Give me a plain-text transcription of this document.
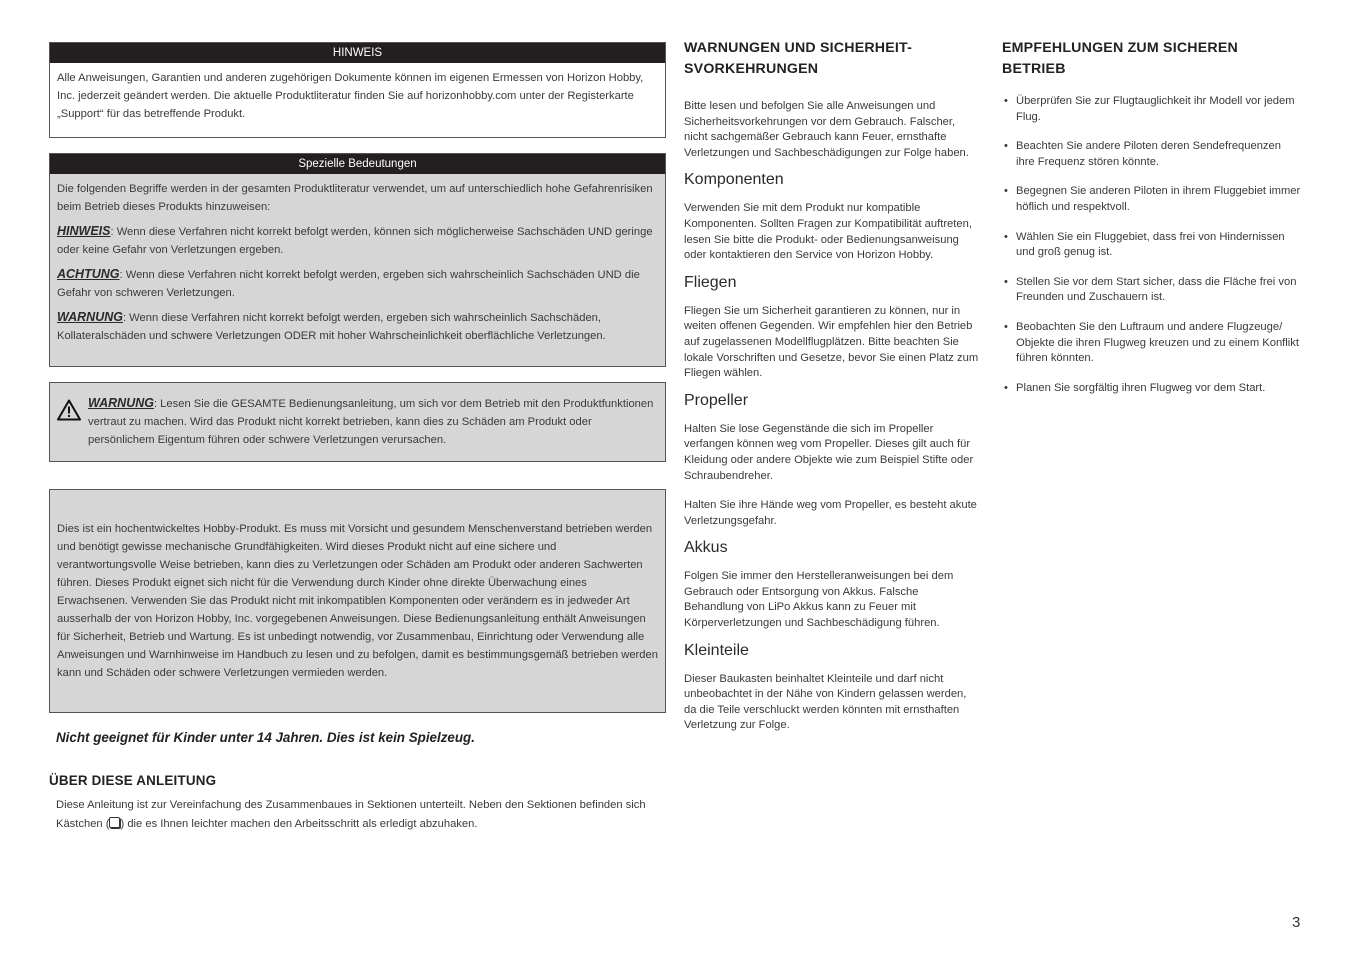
HINWEIS

Alle Anweisungen, Garantien und anderen zugehörigen Dokumente können im eigenen Ermessen von Horizon Hobby, Inc. jederzeit geändert werden. Die aktuelle Produktliteratur finden Sie auf horizonhobby.com unter der Registerkarte „Support“ für das betreffende Produkt.

Spezielle Bedeutungen

Die folgenden Begriffe werden in der gesamten Produktliteratur verwendet, um auf unterschiedlich hohe Gefahrenrisiken beim Betrieb dieses Produkts hinzuweisen:

HINWEIS: Wenn diese Verfahren nicht korrekt befolgt werden, können sich möglicherweise Sachschäden UND geringe oder keine Gefahr von Verletzungen ergeben.

ACHTUNG: Wenn diese Verfahren nicht korrekt befolgt werden, ergeben sich wahrscheinlich Sachschäden UND die Gefahr von schweren Verletzungen.

WARNUNG: Wenn diese Verfahren nicht korrekt befolgt werden, ergeben sich wahrscheinlich Sachschäden, Kollateralschäden und schwere Verletzungen ODER mit hoher Wahrscheinlichkeit oberflächliche Verletzungen.

WARNUNG: Lesen Sie die GESAMTE Bedienungsanleitung, um sich vor dem Betrieb mit den Produktfunktionen vertraut zu machen. Wird das Produkt nicht korrekt betrieben, kann dies zu Schäden am Produkt oder persönlichem Eigentum führen oder schwere Verletzungen verursachen.
Dies ist ein hochentwickeltes Hobby-Produkt. Es muss mit Vorsicht und gesundem Menschenverstand betrieben werden und benötigt gewisse mechanische Grundfähigkeiten. Wird dieses Produkt nicht auf eine sichere und verantwortungsvolle Weise betrieben, kann dies zu Verletzungen oder Schäden am Produkt oder anderen Sachwerten führen. Dieses Produkt eignet sich nicht für die Verwendung durch Kinder ohne direkte Überwachung eines Erwachsenen. Verwenden Sie das Produkt nicht mit inkompatiblen Komponenten oder verändern es in jedweder Art ausserhalb der von Horizon Hobby, Inc. vorgegebenen Anweisungen. Diese Bedienungsanleitung enthält Anweisungen für Sicherheit, Betrieb und Wartung. Es ist unbedingt notwendig, vor Zusammenbau, Einrichtung oder Verwendung alle Anweisungen und Warnhinweise im Handbuch zu lesen und zu befolgen, damit es bestimmungsgemäß betrieben werden kann und Schäden oder schwere Verletzungen vermieden werden.
Nicht geeignet für Kinder unter 14 Jahren. Dies ist kein Spielzeug.
ÜBER DIESE ANLEITUNG
Diese Anleitung ist zur Vereinfachung des Zusammenbaues in Sektionen unterteilt. Neben den Sektionen befinden sich Kästchen ( ) die es Ihnen leichter machen den Arbeitsschritt als erledigt abzuhaken.
WARNUNGEN UND SICHERHEIT-SVORKEHRUNGEN

Bitte lesen und befolgen Sie alle Anweisungen und Sicherheitsvorkehrungen vor dem Gebrauch. Falscher, nicht sachgemäßer Gebrauch kann Feuer, ernsthafte Verletzungen und Sachbeschädigungen zur Folge haben.

Komponenten

Verwenden Sie mit dem Produkt nur kompatible Komponenten. Sollten Fragen zur Kompatibilität auftreten, lesen Sie bitte die Produkt- oder Bedienungsanweisung oder kontaktieren den Service von Horizon Hobby.

Fliegen

Fliegen Sie um Sicherheit garantieren zu können, nur in weiten offenen Gegenden. Wir empfehlen hier den Betrieb auf zugelassenen Modellflugplätzen. Bitte beachten Sie lokale Vorschriften und Gesetze, bevor Sie einen Platz zum Fliegen wählen.

Propeller

Halten Sie lose Gegenstände die sich im Propeller verfangen können weg vom Propeller. Dieses gilt auch für Kleidung oder andere Objekte wie zum Beispiel Stifte oder Schraubendreher.

Halten Sie ihre Hände weg vom Propeller, es besteht akute Verletzungsgefahr.

Akkus

Folgen Sie immer den Herstelleranweisungen bei dem Gebrauch oder Entsorgung von Akkus. Falsche Behandlung von LiPo Akkus kann zu Feuer mit Körperverletzungen und Sachbeschädigung führen.

Kleinteile

Dieser Baukasten beinhaltet Kleinteile und darf nicht unbeobachtet in der Nähe von Kindern gelassen werden, da die Teile verschluckt werden könnten mit ernsthaften Verletzung zur Folge.

EMPFEHLUNGEN ZUM SICHEREN BETRIEB
• Überprüfen Sie zur Flugtauglichkeit ihr Modell vor jedem Flug.
• Beachten Sie andere Piloten deren Sendefrequenzen ihre Frequenz stören könnte.
• Begegnen Sie anderen Piloten in ihrem Fluggebiet immer höflich und respektvoll.
• Wählen Sie ein Fluggebiet, dass frei von Hindernissen und groß genug ist.
• Stellen Sie vor dem Start sicher, dass die Fläche frei von Freunden und Zuschauern ist.
• Beobachten Sie den Luftraum und andere Flugzeuge/ Objekte die ihren Flugweg kreuzen und zu einem Konflikt führen könnten.
• Planen Sie sorgfältig ihren Flugweg vor dem Start.
3
